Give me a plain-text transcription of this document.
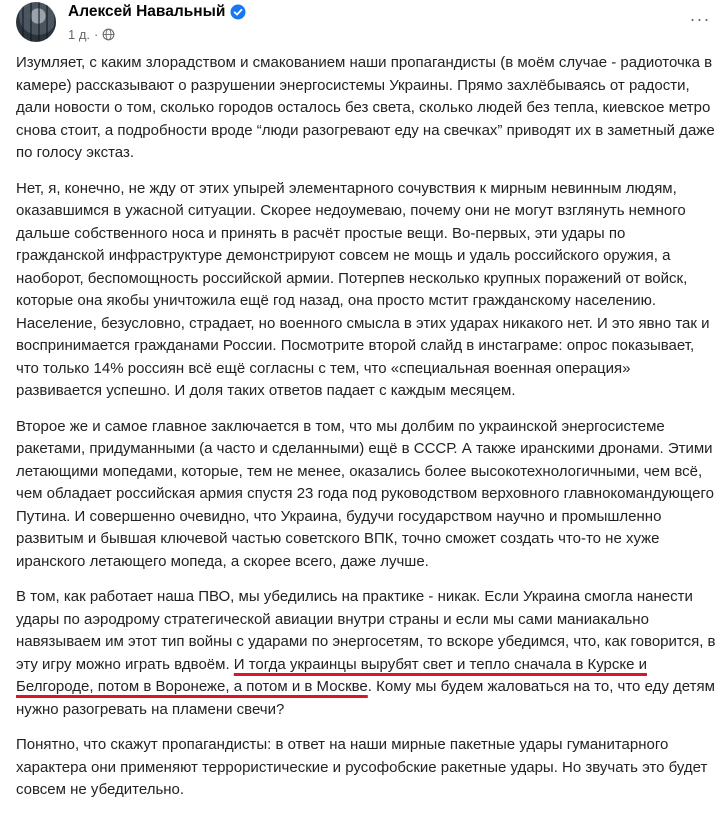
Алексей Навальный
1 д. ·
···

Изумляет, с каким злорадством и смакованием наши пропагандисты (в моём случае - радиоточка в камере) рассказывают о разрушении энергосистемы Украины. Прямо захлёбываясь от радости, дали новости о том, сколько городов осталось без света, сколько людей без тепла, киевское метро снова стоит, а подробности вроде “люди разогревают еду на свечках” приводят их в заметный даже по голосу экстаз.

Нет, я, конечно, не жду от этих упырей элементарного сочувствия к мирным невинным людям, оказавшимся в ужасной ситуации. Скорее недоумеваю, почему они не могут взглянуть немного дальше собственного носа и принять в расчёт простые вещи. Во-первых, эти удары по гражданской инфраструктуре демонстрируют совсем не мощь и удаль российского оружия, а наоборот, беспомощность российской армии. Потерпев несколько крупных поражений от войск, которые она якобы уничтожила ещё год назад, она просто мстит гражданскому населению. Население, безусловно, страдает, но военного смысла в этих ударах никакого нет. И это явно так и воспринимается гражданами России. Посмотрите второй слайд в инстаграме: опрос показывает, что только 14% россиян всё ещё согласны с тем, что «специальная военная операция» развивается успешно. И доля таких ответов падает с каждым месяцем.

Второе же и самое главное заключается в том, что мы долбим по украинской энергосистеме ракетами, придуманными (а часто и сделанными) ещё в СССР. А также иранскими дронами. Этими летающими мопедами, которые, тем не менее, оказались более высокотехнологичными, чем всё, чем обладает российская армия спустя 23 года под руководством верховного главнокомандующего Путина. И совершенно очевидно, что Украина, будучи государством научно и промышленно развитым и бывшая ключевой частью советского ВПК, точно сможет создать что-то не хуже иранского летающего мопеда, а скорее всего, даже лучше.

В том, как работает наша ПВО, мы убедились на практике - никак. Если Украина смогла нанести удары по аэродрому стратегической авиации внутри страны и если мы сами маниакально навязываем им этот тип войны с ударами по энергосетям, то вскоре убедимся, что, как говорится, в эту игру можно играть вдвоём. И тогда украинцы вырубят свет и тепло сначала в Курске и Белгороде, потом в Воронеже, а потом и в Москве. Кому мы будем жаловаться на то, что еду детям нужно разогревать на пламени свечи?

Понятно, что скажут пропагандисты: в ответ на наши мирные пакетные удары гуманитарного характера они применяют террористические и русофобские ракетные удары. Но звучать это будет совсем не убедительно.
